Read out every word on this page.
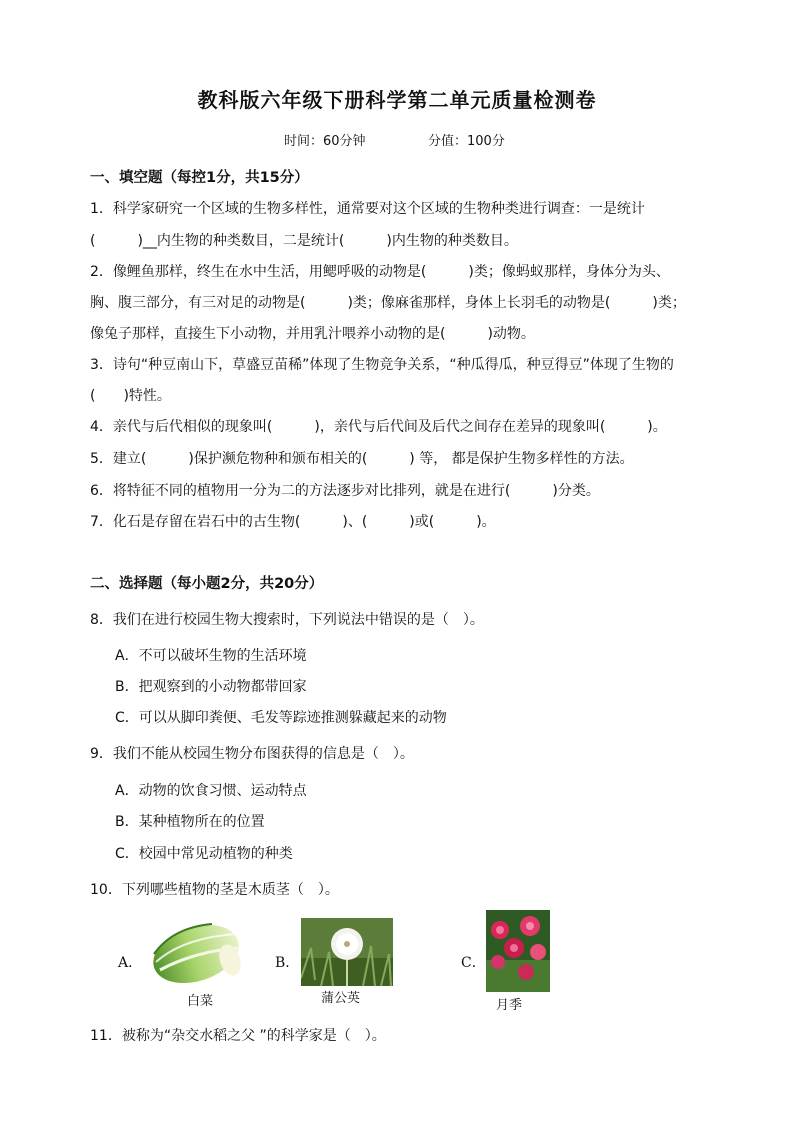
教科版六年级下册科学第二单元质量检测卷
时间：60分钟	分值：100分
一、填空题（每控1分，共15分）
1．科学家研究一个区域的生物多样性，通常要对这个区域的生物种类进行调查：一是统计
(　　　)__内生物的种类数目，二是统计(　　　)内生物的种类数目。
2．像鲤鱼那样，终生在水中生活，用鳃呼吸的动物是(　　　)类；像蚂蚁那样，身体分为头、
胸、腹三部分，有三对足的动物是(　　　)类；像麻雀那样，身体上长羽毛的动物是(　　　)类；
像兔子那样，直接生下小动物，并用乳汁喂养小动物的是(　　　)动物。
3．诗句“种豆南山下，草盛豆苗稀”体现了生物竞争关系，“种瓜得瓜，种豆得豆”体现了生物的
(　　)特性。
4．亲代与后代相似的现象叫(　　　)，亲代与后代间及后代之间存在差异的现象叫(　　　)。
5．建立(　　　)保护濒危物种和颁布相关的(　　　) 等， 都是保护生物多样性的方法。
6．将特征不同的植物用一分为二的方法逐步对比排列，就是在进行(　　　)分类。
7．化石是存留在岩石中的古生物(　　　)、(　　　)或(　　　)。
二、选择题（每小题2分，共20分）
8．我们在进行校园生物大搜索时，下列说法中错误的是（　）。
A．不可以破坏生物的生活环境
B．把观察到的小动物都带回家
C．可以从脚印粪便、毛发等踪迹推测躲藏起来的动物
9．我们不能从校园生物分布图获得的信息是（　）。
A．动物的饮食习惯、运动特点
B．某种植物所在的位置
C．校园中常见动植物的种类
10．下列哪些植物的茎是木质茎（　）。
A．
白菜
B．
蒲公英
C．
月季
11．被称为“杂交水稻之父 ”的科学家是（　）。
